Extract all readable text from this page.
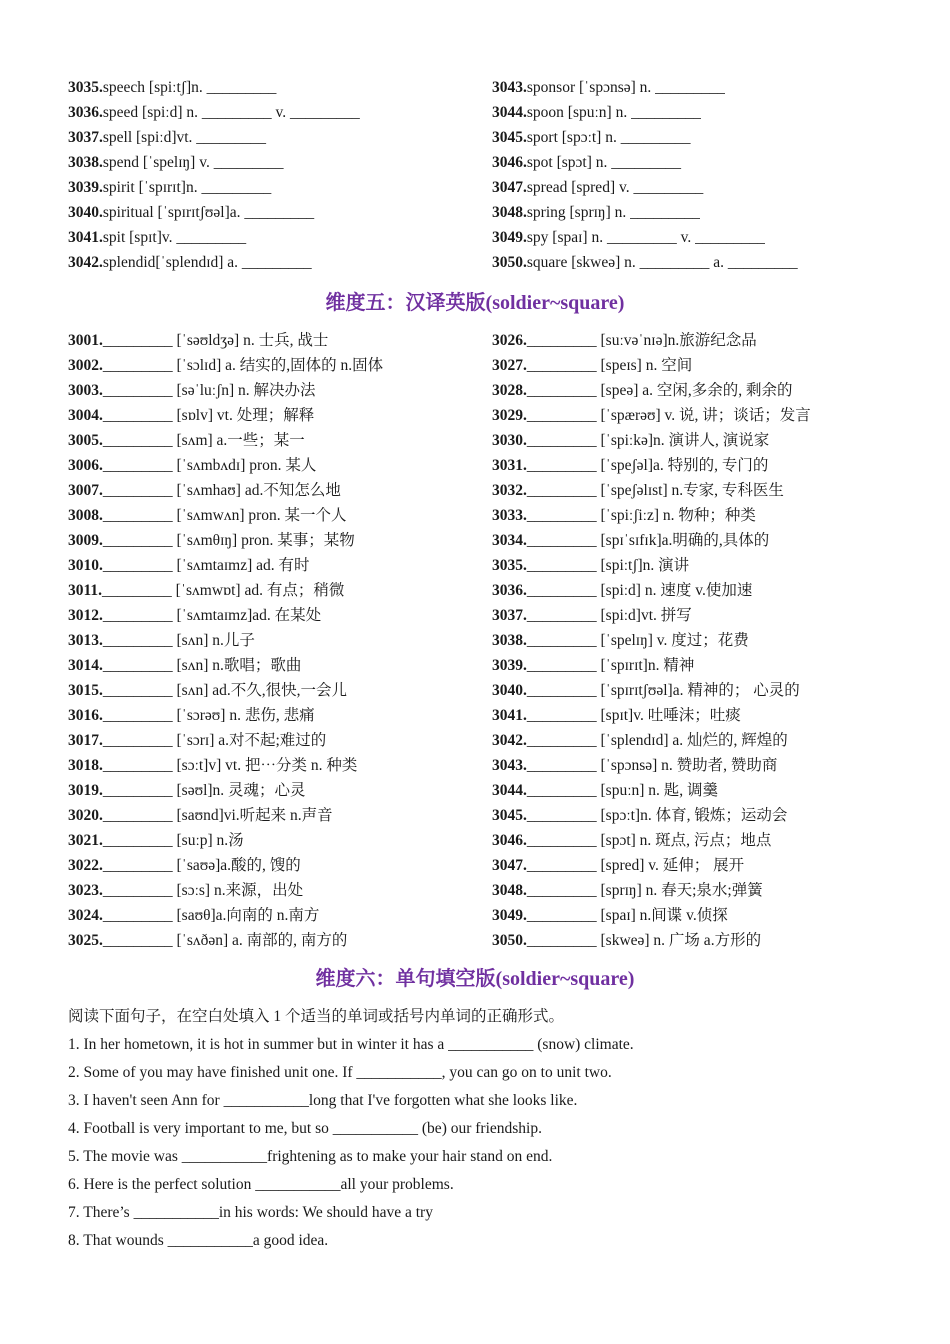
3035.speech [spiːtʃ]n. _________
3036.speed [spiːd] n. _________ v. _________
3037.spell [spiːd]vt. _________
3038.spend [ˈspelɪŋ] v. _________
3039.spirit [ˈspɪrɪt]n. _________
3040.spiritual [ˈspɪrɪtʃʊəl]a. _________
3041.spit [spɪt]v. _________
3042.splendid[ˈsplendɪd] a. _________
3043.sponsor [ˈspɔnsə] n. _________
3044.spoon [spuːn] n. _________
3045.sport [spɔːt] n. _________
3046.spot [spɔt] n. _________
3047.spread [spred] v. _________
3048.spring [sprɪŋ] n. _________
3049.spy [spaɪ] n. _________ v. _________
3050.square [skweə] n. _________ a. _________
维度五：汉译英版(soldier~square)
3001._________ [ˈsəʊldʒə] n. 士兵, 战士
3002._________ [ˈsɔlɪd] a. 结实的,固体的 n.固体
3003._________ [səˈluːʃn] n. 解决办法
3004._________ [sɒlv] vt. 处理；解释
3005._________ [sʌm] a.一些；某一
3006._________ [ˈsʌmbʌdɪ] pron. 某人
3007._________ [ˈsʌmhaʊ] ad.不知怎么地
3008._________ [ˈsʌmwʌn] pron. 某一个人
3009._________ [ˈsʌmθɪŋ] pron. 某事；某物
3010._________ [ˈsʌmtaɪmz] ad. 有时
3011._________ [ˈsʌmwɒt] ad. 有点；稍微
3012._________ [ˈsʌmtaɪmz]ad. 在某处
3013._________ [sʌn] n.儿子
3014._________ [sʌn] n.歌唱；歌曲
3015._________ [sʌn] ad.不久,很快,一会儿
3016._________ [ˈsɔrəʊ] n. 悲伤, 悲痛
3017._________ [ˈsɔrɪ] a.对不起;难过的
3018._________ [sɔːt]v] vt. 把⋯分类 n. 种类
3019._________ [səʊl]n. 灵魂；心灵
3020._________ [saʊnd]vi.听起来 n.声音
3021._________ [suːp] n.汤
3022._________ [ˈsaʊə]a.酸的, 馊的
3023._________ [sɔːs] n.来源，出处
3024._________ [saʊθ]a.向南的 n.南方
3025._________ [ˈsʌðən] a. 南部的, 南方的
3026._________ [suːvəˈnɪə]n.旅游纪念品
3027._________ [speɪs] n. 空间
3028._________ [speə] a. 空闲,多余的, 剩余的
3029._________ [ˈspærəʊ] v. 说, 讲；谈话；发言
3030._________ [ˈspiːkə]n. 演讲人, 演说家
3031._________ [ˈspeʃəl]a. 特别的, 专门的
3032._________ [ˈspeʃəlɪst] n.专家, 专科医生
3033._________ [ˈspiːʃiːz] n. 物种；种类
3034._________ [spɪˈsɪfɪk]a.明确的,具体的
3035._________ [spiːtʃ]n. 演讲
3036._________ [spiːd] n. 速度 v.使加速
3037._________ [spiːd]vt. 拼写
3038._________ [ˈspelɪŋ] v. 度过；花费
3039._________ [ˈspɪrɪt]n. 精神
3040._________ [ˈspɪrɪtʃʊəl]a. 精神的； 心灵的
3041._________ [spɪt]v. 吐唾沫；吐痰
3042._________ [ˈsplendɪd] a. 灿烂的, 辉煌的
3043._________ [ˈspɔnsə] n. 赞助者, 赞助商
3044._________ [spuːn] n. 匙, 调羹
3045._________ [spɔːt]n. 体育, 锻炼；运动会
3046._________ [spɔt] n. 斑点, 污点；地点
3047._________ [spred] v. 延伸； 展开
3048._________ [sprɪŋ] n. 春天;泉水;弹簧
3049._________ [spaɪ] n.间谍 v.侦探
3050._________ [skweə] n. 广场 a.方形的
维度六：单句填空版(soldier~square)
阅读下面句子，在空白处填入 1 个适当的单词或括号内单词的正确形式。
1. In her hometown, it is hot in summer but in winter it has a ___________ (snow) climate.
2. Some of you may have finished unit one. If ___________, you can go on to unit two.
3. I haven't seen Ann for ___________long that I've forgotten what she looks like.
4. Football is very important to me, but so ___________ (be) our friendship.
5. The movie was ___________frightening as to make your hair stand on end.
6. Here is the perfect solution ___________all your problems.
7. There’s ___________in his words: We should have a try
8. That wounds ___________a good idea.
